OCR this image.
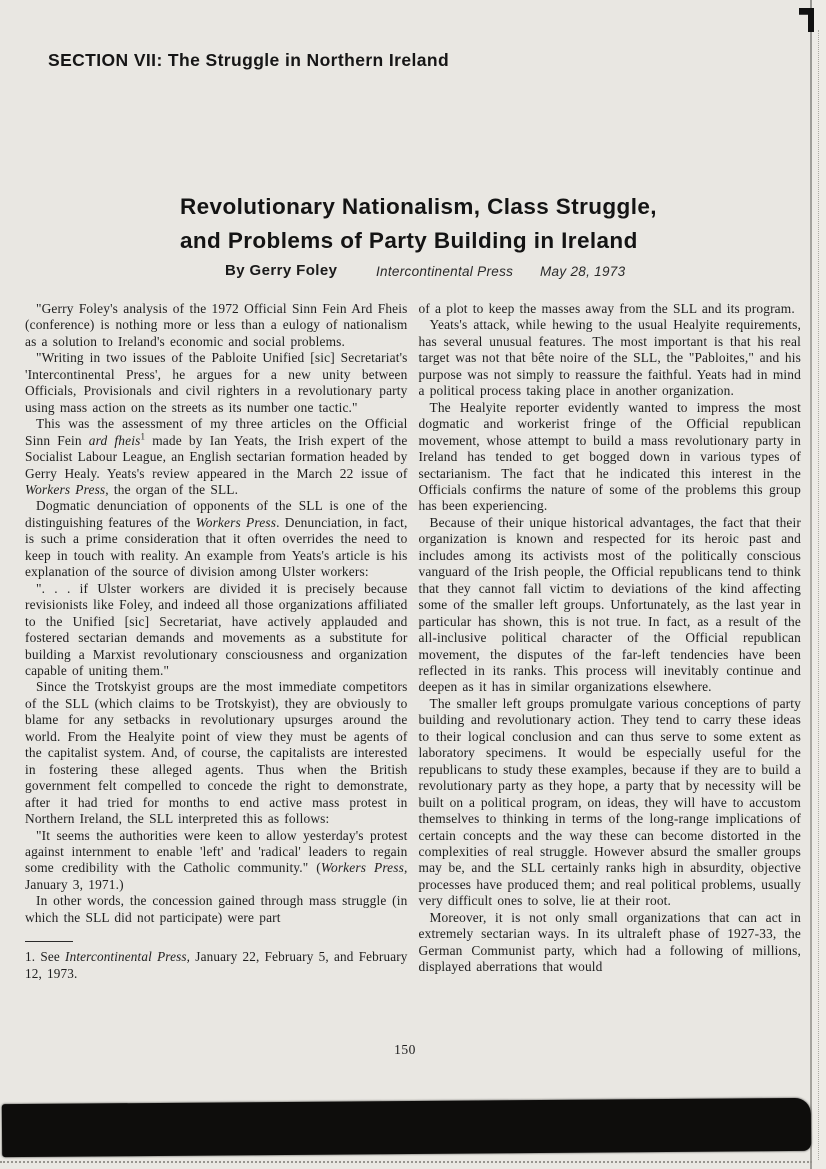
SECTION VII: The Struggle in Northern Ireland
Revolutionary Nationalism, Class Struggle,
and Problems of Party Building in Ireland
By Gerry Foley	Intercontinental Press May 28, 1973

"Gerry Foley's analysis of the 1972 Official Sinn Fein Ard Fheis (conference) is nothing more or less than a eulogy of nationalism as a solution to Ireland's economic and social problems.

"Writing in two issues of the Pabloite Unified [sic] Secretariat's 'Intercontinental Press', he argues for a new unity between Officials, Provisionals and civil righters in a revolutionary party using mass action on the streets as its number one tactic."

This was the assessment of my three articles on the Official Sinn Fein ard fheis$^1$ made by Ian Yeats, the Irish expert of the Socialist Labour League, an English sectarian formation headed by Gerry Healy. Yeats's review appeared in the March 22 issue of Workers Press, the organ of the SLL.

Dogmatic denunciation of opponents of the SLL is one of the distinguishing features of the Workers Press. Denunciation, in fact, is such a prime consideration that it often overrides the need to keep in touch with reality. An example from Yeats's article is his explanation of the source of division among Ulster workers:

". . . if Ulster workers are divided it is precisely because revisionists like Foley, and indeed all those organizations affiliated to the Unified [sic] Secretariat, have actively applauded and fostered sectarian demands and movements as a substitute for building a Marxist revolutionary consciousness and organization capable of uniting them."

Since the Trotskyist groups are the most immediate competitors of the SLL (which claims to be Trotskyist), they are obviously to blame for any setbacks in revolutionary upsurges around the world. From the Healyite point of view they must be agents of the capitalist system. And, of course, the capitalists are interested in fostering these alleged agents. Thus when the British government felt compelled to concede the right to demonstrate, after it had tried for months to end active mass protest in Northern Ireland, the SLL interpreted this as follows:

"It seems the authorities were keen to allow yesterday's protest against internment to enable 'left' and 'radical' leaders to regain some credibility with the Catholic community." (Workers Press, January 3, 1971.)

In other words, the concession gained through mass struggle (in which the SLL did not participate) were part

1. See Intercontinental Press, January 22, February 5, and February 12, 1973.

of a plot to keep the masses away from the SLL and its program.

Yeats's attack, while hewing to the usual Healyite requirements, has several unusual features. The most important is that his real target was not that bête noire of the SLL, the "Pabloites," and his purpose was not simply to reassure the faithful. Yeats had in mind a political process taking place in another organization.

The Healyite reporter evidently wanted to impress the most dogmatic and workerist fringe of the Official republican movement, whose attempt to build a mass revolutionary party in Ireland has tended to get bogged down in various types of sectarianism. The fact that he indicated this interest in the Officials confirms the nature of some of the problems this group has been experiencing.

Because of their unique historical advantages, the fact that their organization is known and respected for its heroic past and includes among its activists most of the politically conscious vanguard of the Irish people, the Official republicans tend to think that they cannot fall victim to deviations of the kind affecting some of the smaller left groups. Unfortunately, as the last year in particular has shown, this is not true. In fact, as a result of the all-inclusive political character of the Official republican movement, the disputes of the far-left tendencies have been reflected in its ranks. This process will inevitably continue and deepen as it has in similar organizations elsewhere.

The smaller left groups promulgate various conceptions of party building and revolutionary action. They tend to carry these ideas to their logical conclusion and can thus serve to some extent as laboratory specimens. It would be especially useful for the republicans to study these examples, because if they are to build a revolutionary party as they hope, a party that by necessity will be built on a political program, on ideas, they will have to accustom themselves to thinking in terms of the long-range implications of certain concepts and the way these can become distorted in the complexities of real struggle. However absurd the smaller groups may be, and the SLL certainly ranks high in absurdity, objective processes have produced them; and real political problems, usually very difficult ones to solve, lie at their root.

Moreover, it is not only small organizations that can act in extremely sectarian ways. In its ultraleft phase of 1927-33, the German Communist party, which had a following of millions, displayed aberrations that would

150
